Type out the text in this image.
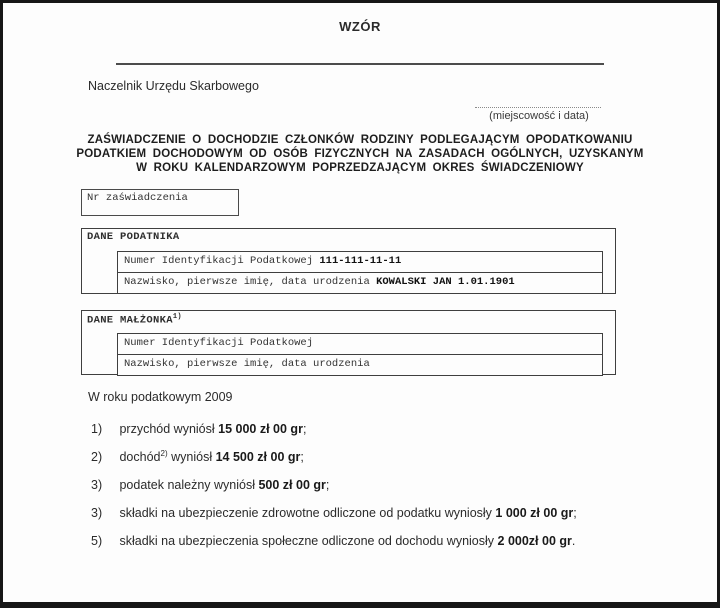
WZÓR
Naczelnik Urzędu Skarbowego
(miejscowość i data)
ZAŚWIADCZENIE O DOCHODZIE CZŁONKÓW RODZINY PODLEGAJĄCYM OPODATKOWANIU
PODATKIEM DOCHODOWYM OD OSÓB FIZYCZNYCH NA ZASADACH OGÓLNYCH, UZYSKANYM
W ROKU KALENDARZOWYM POPRZEDZAJĄCYM OKRES ŚWIADCZENIOWY
Nr zaświadczenia
DANE PODATNIKA
Numer Identyfikacji Podatkowej 111-111-11-11
Nazwisko, pierwsze imię, data urodzenia KOWALSKI JAN 1.01.1901
DANE MAŁŻONKA$^{1)}$
Numer Identyfikacji Podatkowej
Nazwisko, pierwsze imię, data urodzenia
W roku podatkowym 2009
1) przychód wyniósł 15 000 zł 00 gr;
2) dochód$^{2)}$ wyniósł 14 500 zł 00 gr;
3) podatek należny wyniósł 500 zł 00 gr;
3) składki na ubezpieczenie zdrowotne odliczone od podatku wyniosły 1 000 zł 00 gr;
5) składki na ubezpieczenia społeczne odliczone od dochodu wyniosły 2 000zł 00 gr.
